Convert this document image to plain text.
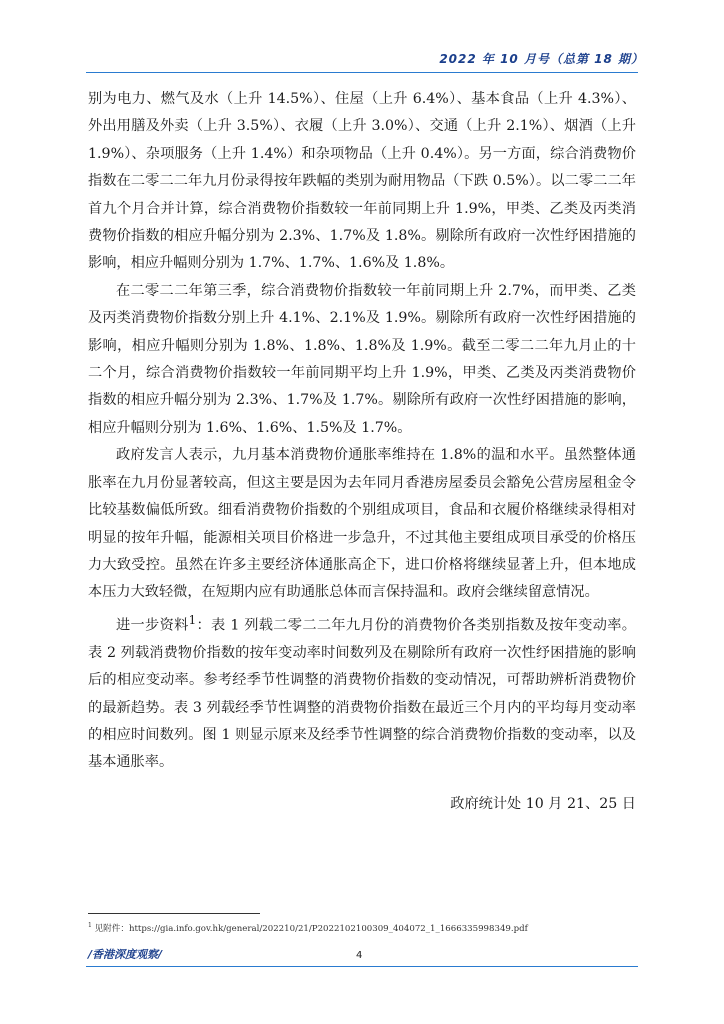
2022 年 10 月号（总第 18 期）

别为电力、燃气及水（上升 14.5%）、住屋（上升 6.4%）、基本食品（上升 4.3%）、外出用膳及外卖（上升 3.5%）、衣履（上升 3.0%）、交通（上升 2.1%）、烟酒（上升 1.9%）、杂项服务（上升 1.4%）和杂项物品（上升 0.4%）。另一方面，综合消费物价指数在二零二二年九月份录得按年跌幅的类别为耐用物品（下跌 0.5%）。以二零二二年首九个月合并计算，综合消费物价指数较一年前同期上升 1.9%，甲类、乙类及丙类消费物价指数的相应升幅分别为 2.3%、1.7%及 1.8%。剔除所有政府一次性纾困措施的影响，相应升幅则分别为 1.7%、1.7%、1.6%及 1.8%。

在二零二二年第三季，综合消费物价指数较一年前同期上升 2.7%，而甲类、乙类及丙类消费物价指数分别上升 4.1%、2.1%及 1.9%。剔除所有政府一次性纾困措施的影响，相应升幅则分别为 1.8%、1.8%、1.8%及 1.9%。截至二零二二年九月止的十二个月，综合消费物价指数较一年前同期平均上升 1.9%，甲类、乙类及丙类消费物价指数的相应升幅分别为 2.3%、1.7%及 1.7%。剔除所有政府一次性纾困措施的影响，相应升幅则分别为 1.6%、1.6%、1.5%及 1.7%。

政府发言人表示，九月基本消费物价通胀率维持在 1.8%的温和水平。虽然整体通胀率在九月份显著较高，但这主要是因为去年同月香港房屋委员会豁免公营房屋租金令比较基数偏低所致。细看消费物价指数的个别组成项目，食品和衣履价格继续录得相对明显的按年升幅，能源相关项目价格进一步急升，不过其他主要组成项目承受的价格压力大致受控。虽然在许多主要经济体通胀高企下，进口价格将继续显著上升，但本地成本压力大致轻微，在短期内应有助通胀总体而言保持温和。政府会继续留意情况。

进一步资料$^1$：表 1 列载二零二二年九月份的消费物价各类别指数及按年变动率。表 2 列载消费物价指数的按年变动率时间数列及在剔除所有政府一次性纾困措施的影响后的相应变动率。参考经季节性调整的消费物价指数的变动情况，可帮助辨析消费物价的最新趋势。表 3 列载经季节性调整的消费物价指数在最近三个月内的平均每月变动率的相应时间数列。图 1 则显示原来及经季节性调整的综合消费物价指数的变动率，以及基本通胀率。

政府统计处 10 月 21、25 日
$^1$ 见附件：https://gia.info.gov.hk/general/202210/21/P2022102100309_404072_1_1666335998349.pdf
/香港深度观察/	4
